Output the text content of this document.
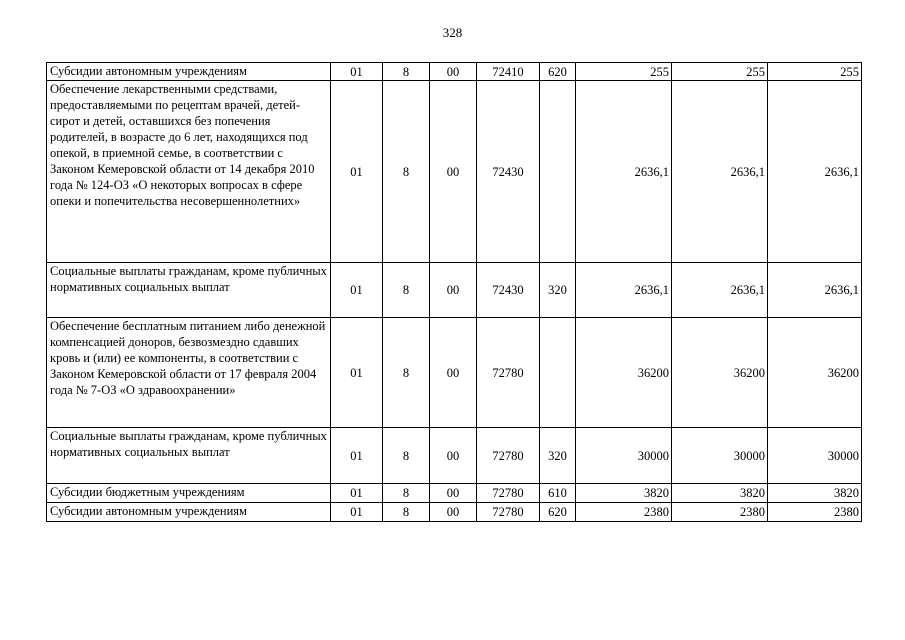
328
Субсидии автономным учреждениям	01	8	00	72410	620	255	255	255
Обеспечение лекарственными средствами, предоставляемыми по рецептам врачей, детей-сирот и детей, оставшихся без попечения родителей, в возрасте до 6 лет, находящихся под опекой, в приемной семье, в соответствии с Законом Кемеровской области от 14 декабря 2010 года № 124-ОЗ «О некоторых вопросах в сфере опеки и попечительства несовершеннолетних»	01	8	00	72430		2636,1	2636,1	2636,1
Социальные выплаты гражданам, кроме публичных нормативных социальных выплат	01	8	00	72430	320	2636,1	2636,1	2636,1
Обеспечение бесплатным питанием либо денежной компенсацией доноров, безвозмездно сдавших кровь и (или) ее компоненты, в соответствии с Законом Кемеровской области от 17 февраля 2004 года № 7-ОЗ «О здравоохранении»	01	8	00	72780		36200	36200	36200
Социальные выплаты гражданам, кроме публичных нормативных социальных выплат	01	8	00	72780	320	30000	30000	30000
Субсидии бюджетным учреждениям	01	8	00	72780	610	3820	3820	3820
Субсидии автономным учреждениям	01	8	00	72780	620	2380	2380	2380
